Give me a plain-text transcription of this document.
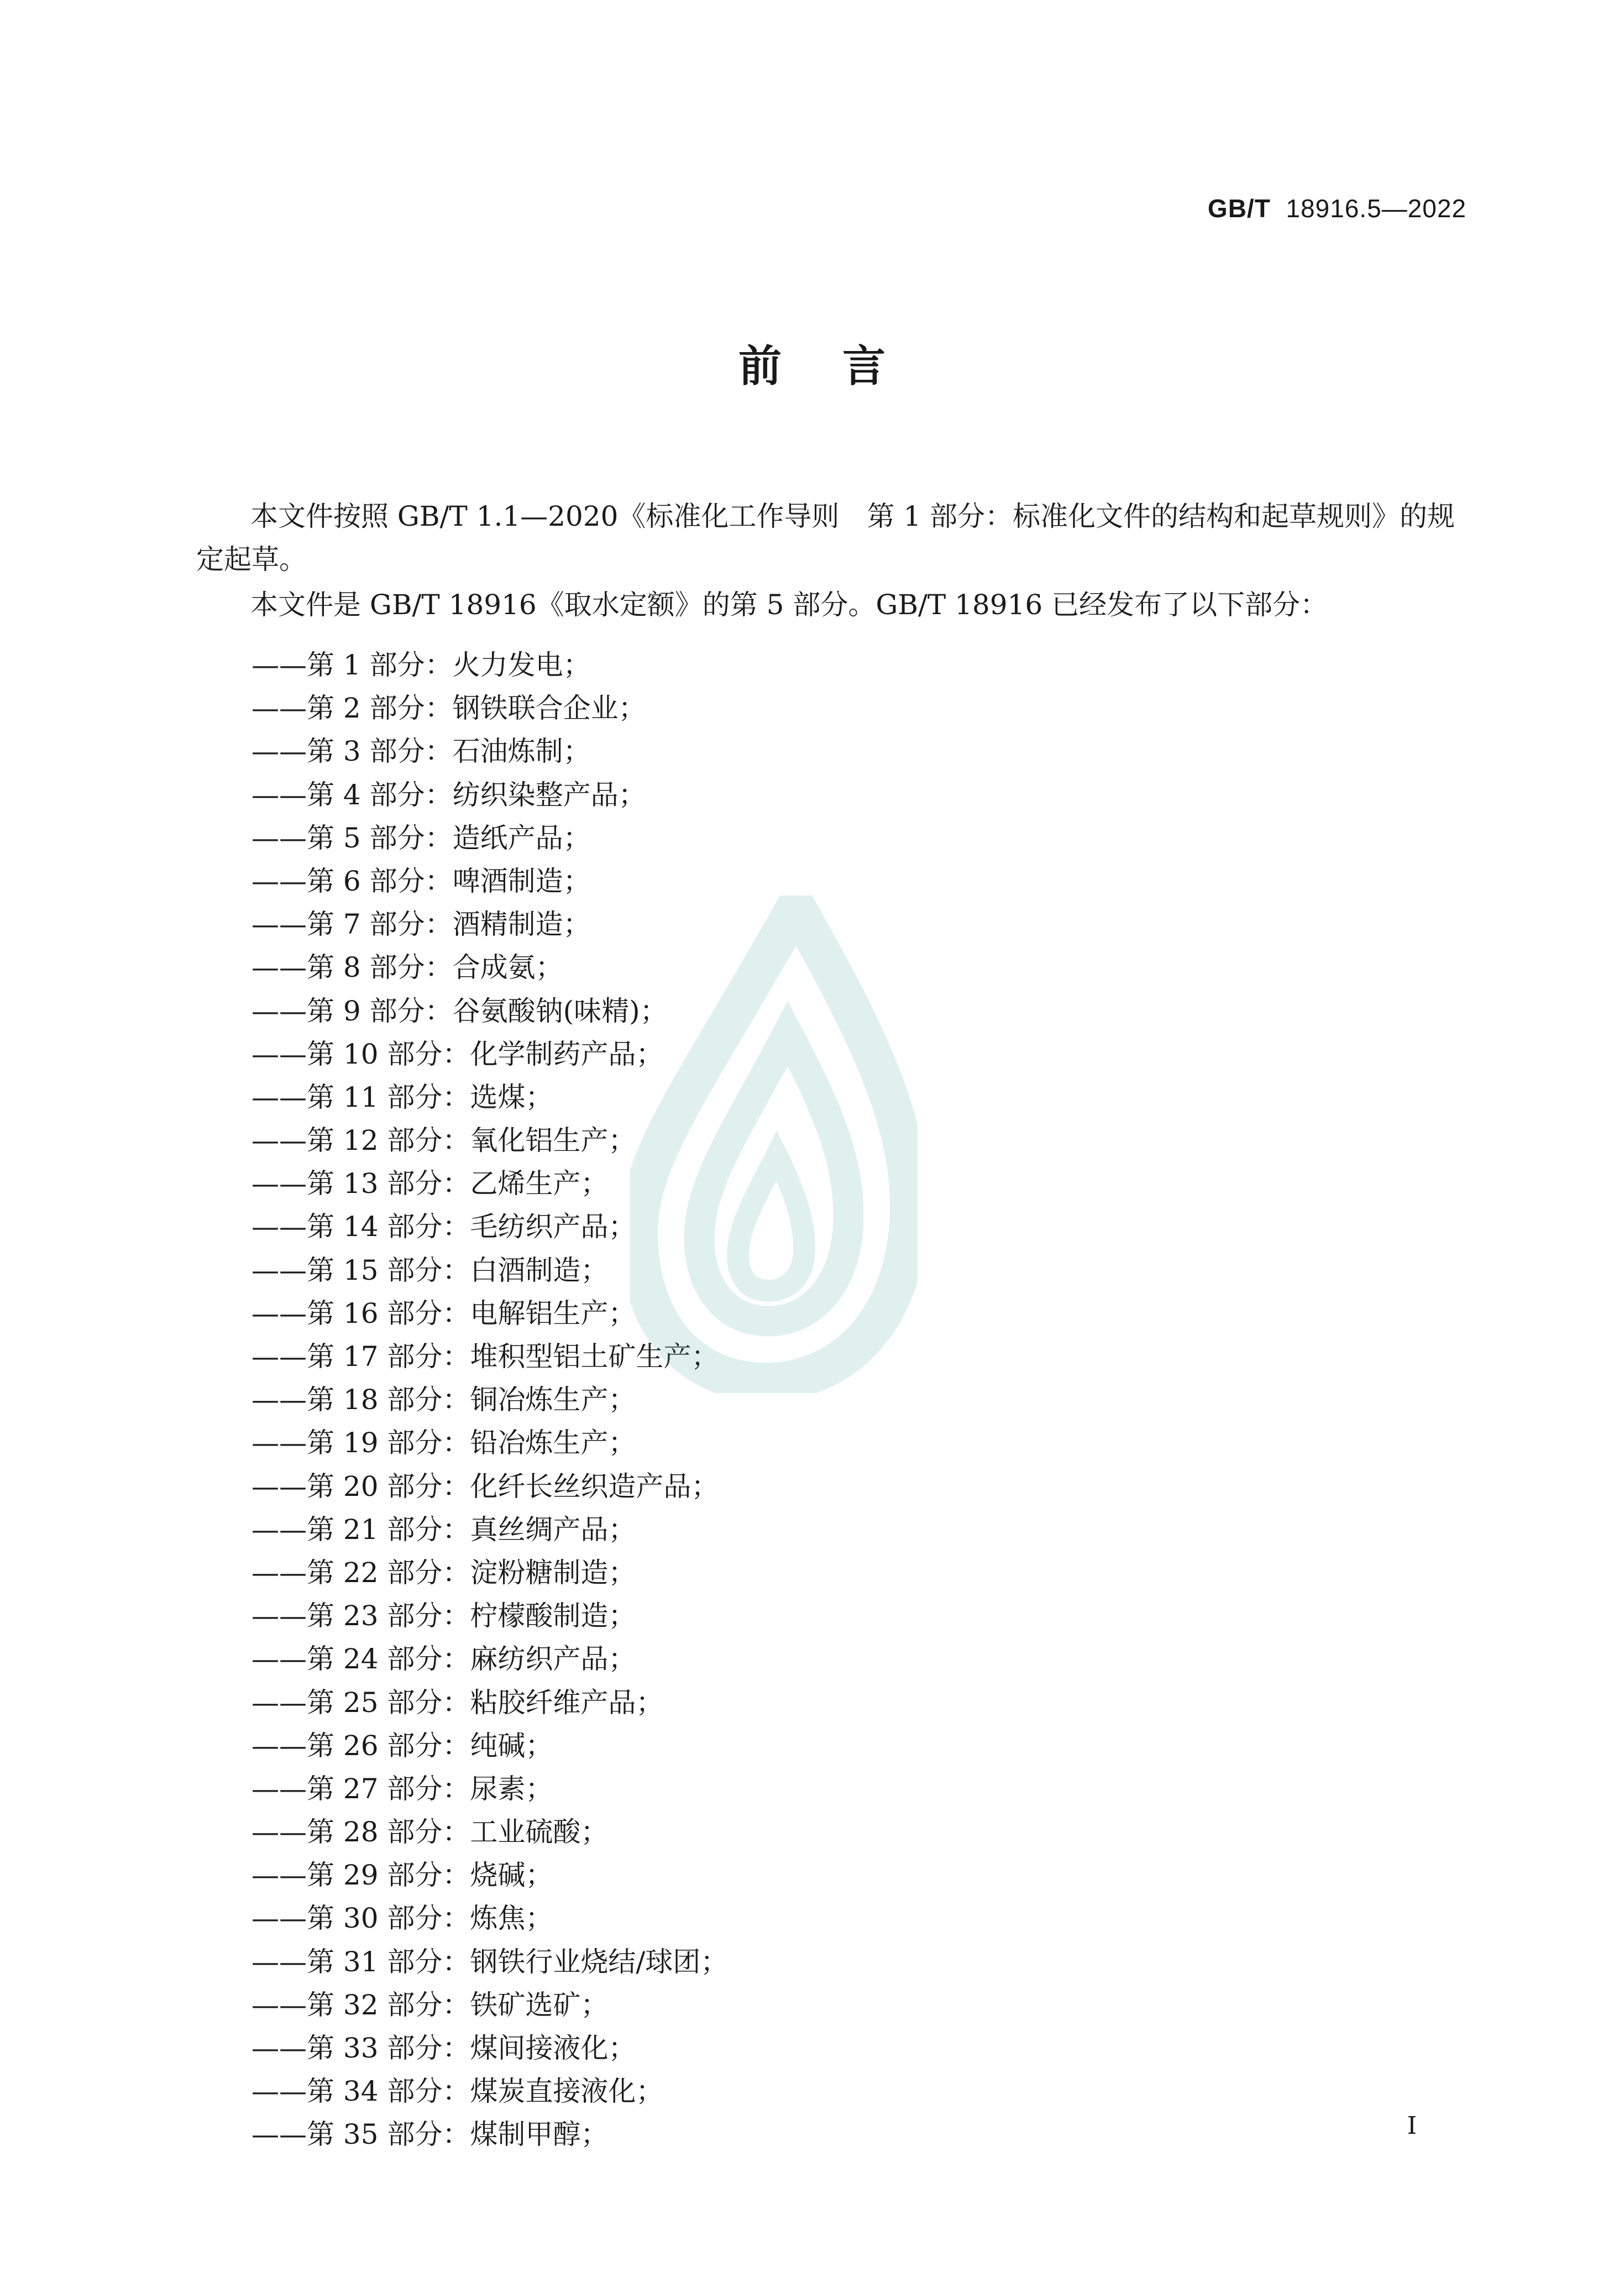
GB/T 18916.5—2022
前 言

本文件按照 GB/T 1.1—2020《标准化工作导则　第 1 部分：标准化文件的结构和起草规则》的规定起草。

本文件是 GB/T 18916《取水定额》的第 5 部分。GB/T 18916 已经发布了以下部分：

——第 1 部分：火力发电；
——第 2 部分：钢铁联合企业；
——第 3 部分：石油炼制；
——第 4 部分：纺织染整产品；
——第 5 部分：造纸产品；
——第 6 部分：啤酒制造；
——第 7 部分：酒精制造；
——第 8 部分：合成氨；
——第 9 部分：谷氨酸钠(味精)；
——第 10 部分：化学制药产品；
——第 11 部分：选煤；
——第 12 部分：氧化铝生产；
——第 13 部分：乙烯生产；
——第 14 部分：毛纺织产品；
——第 15 部分：白酒制造；
——第 16 部分：电解铝生产；
——第 17 部分：堆积型铝土矿生产；
——第 18 部分：铜冶炼生产；
——第 19 部分：铅冶炼生产；
——第 20 部分：化纤长丝织造产品；
——第 21 部分：真丝绸产品；
——第 22 部分：淀粉糖制造；
——第 23 部分：柠檬酸制造；
——第 24 部分：麻纺织产品；
——第 25 部分：粘胶纤维产品；
——第 26 部分：纯碱；
——第 27 部分：尿素；
——第 28 部分：工业硫酸；
——第 29 部分：烧碱；
——第 30 部分：炼焦；
——第 31 部分：钢铁行业烧结/球团；
——第 32 部分：铁矿选矿；
——第 33 部分：煤间接液化；
——第 34 部分：煤炭直接液化；
——第 35 部分：煤制甲醇；	I
